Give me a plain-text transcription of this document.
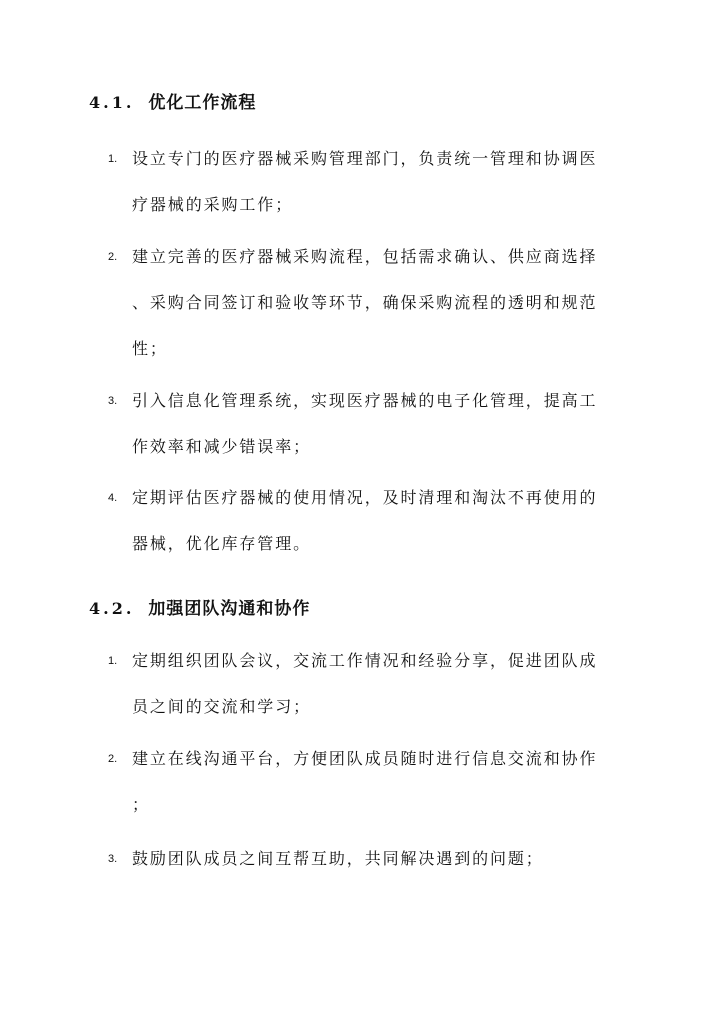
4.1. 优化工作流程
1. 设立专门的医疗器械采购管理部门，负责统一管理和协调医
疗器械的采购工作；
2. 建立完善的医疗器械采购流程，包括需求确认、供应商选择
、采购合同签订和验收等环节，确保采购流程的透明和规范
性；
3. 引入信息化管理系统，实现医疗器械的电子化管理，提高工
作效率和减少错误率；
4. 定期评估医疗器械的使用情况，及时清理和淘汰不再使用的
器械，优化库存管理。
4.2. 加强团队沟通和协作
1. 定期组织团队会议，交流工作情况和经验分享，促进团队成
员之间的交流和学习；
2. 建立在线沟通平台，方便团队成员随时进行信息交流和协作
；
3. 鼓励团队成员之间互帮互助，共同解决遇到的问题；
